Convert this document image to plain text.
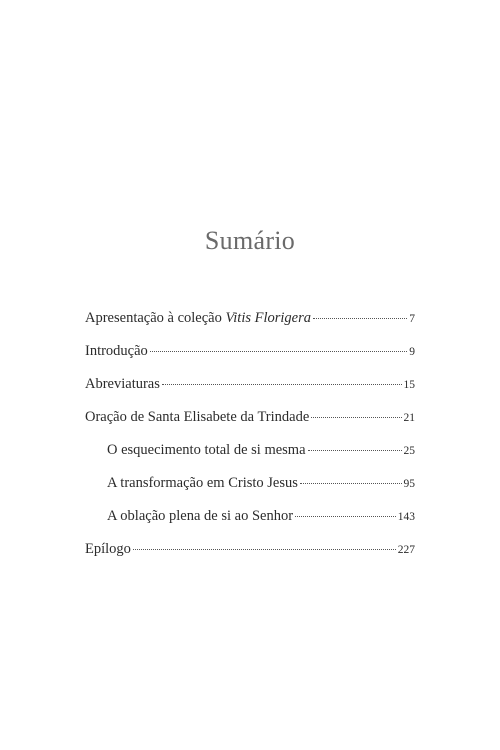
Sumário
Apresentação à coleção Vitis Florigera	7
Introdução	9
Abreviaturas	15
Oração de Santa Elisabete da Trindade	21
O esquecimento total de si mesma	25
A transformação em Cristo Jesus	95
A oblação plena de si ao Senhor	143
Epílogo	227
